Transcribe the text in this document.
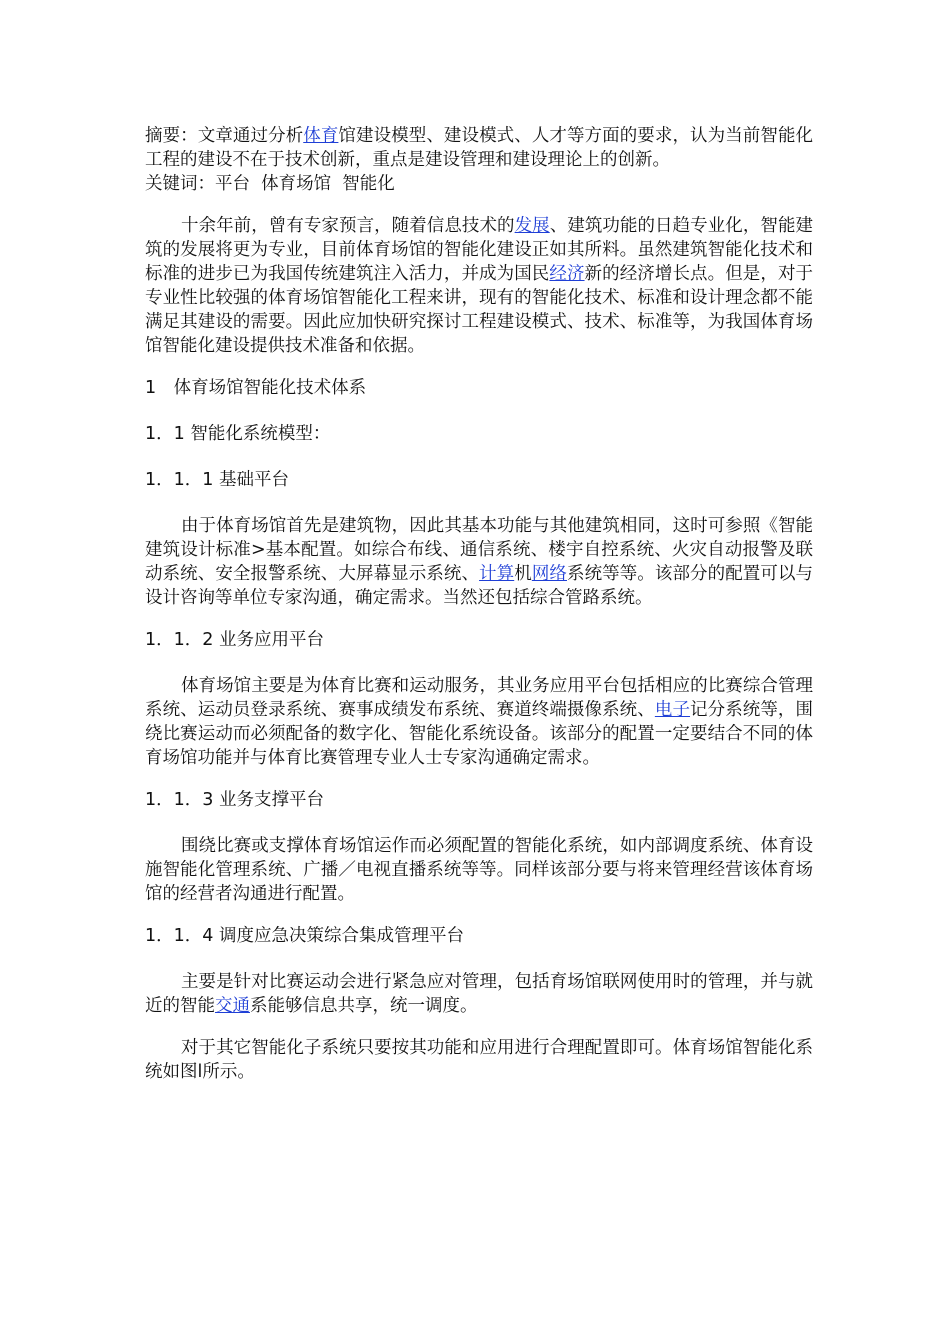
摘要：文章通过分析体育馆建设模型、建设模式、人才等方面的要求，认为当前智能化工程的建设不在于技术创新，重点是建设管理和建设理论上的创新。

关键词：平台  体育场馆  智能化

十余年前，曾有专家预言，随着信息技术的发展、建筑功能的日趋专业化，智能建筑的发展将更为专业，目前体育场馆的智能化建设正如其所料。虽然建筑智能化技术和标准的进步已为我国传统建筑注入活力，并成为国民经济新的经济增长点。但是，对于专业性比较强的体育场馆智能化工程来讲，现有的智能化技术、标准和设计理念都不能满足其建设的需要。因此应加快研究探讨工程建设模式、技术、标准等，为我国体育场馆智能化建设提供技术准备和依据。

1　体育场馆智能化技术体系

1．1 智能化系统模型：

1．1．1 基础平台

由于体育场馆首先是建筑物，因此其基本功能与其他建筑相同，这时可参照《智能建筑设计标准>基本配置。如综合布线、通信系统、楼宇自控系统、火灾自动报警及联动系统、安全报警系统、大屏幕显示系统、计算机网络系统等等。该部分的配置可以与设计咨询等单位专家沟通，确定需求。当然还包括综合管路系统。

1．1．2 业务应用平台

体育场馆主要是为体育比赛和运动服务，其业务应用平台包括相应的比赛综合管理系统、运动员登录系统、赛事成绩发布系统、赛道终端摄像系统、电子记分系统等，围绕比赛运动而必须配备的数字化、智能化系统设备。该部分的配置一定要结合不同的体育场馆功能并与体育比赛管理专业人士专家沟通确定需求。

1．1．3 业务支撑平台

围绕比赛或支撑体育场馆运作而必须配置的智能化系统，如内部调度系统、体育设施智能化管理系统、广播／电视直播系统等等。同样该部分要与将来管理经营该体育场馆的经营者沟通进行配置。

1．1．4 调度应急决策综合集成管理平台

主要是针对比赛运动会进行紧急应对管理，包括育场馆联网使用时的管理，并与就近的智能交通系能够信息共享，统一调度。

对于其它智能化子系统只要按其功能和应用进行合理配置即可。体育场馆智能化系统如图l所示。
